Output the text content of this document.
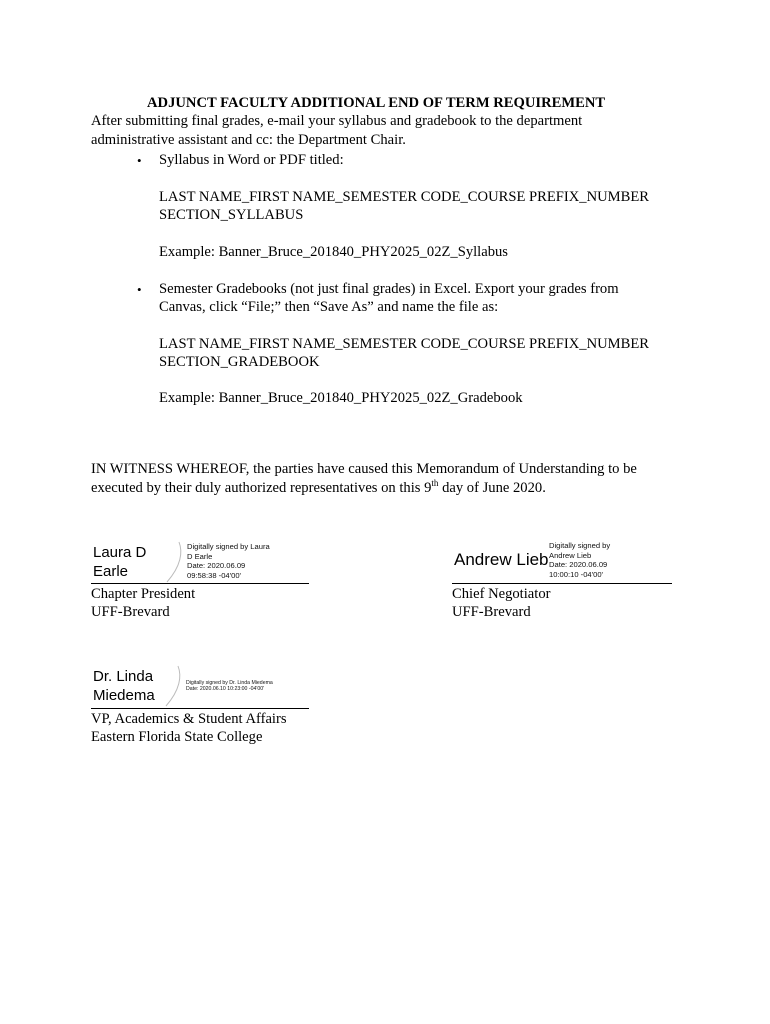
ADJUNCT FACULTY ADDITIONAL END OF TERM REQUIREMENT
After submitting final grades, e-mail your syllabus and gradebook to the department
administrative assistant and cc: the Department Chair.
• Syllabus in Word or PDF titled:
LAST NAME_FIRST NAME_SEMESTER CODE_COURSE PREFIX_NUMBER
SECTION_SYLLABUS
Example: Banner_Bruce_201840_PHY2025_02Z_Syllabus
• Semester Gradebooks (not just final grades) in Excel. Export your grades from
Canvas, click “File;” then “Save As” and name the file as:
LAST NAME_FIRST NAME_SEMESTER CODE_COURSE PREFIX_NUMBER
SECTION_GRADEBOOK
Example: Banner_Bruce_201840_PHY2025_02Z_Gradebook
IN WITNESS WHEREOF, the parties have caused this Memorandum of Understanding to be
executed by their duly authorized representatives on this 9th day of June 2020.
Laura D
Earle
Digitally signed by Laura
D Earle
Date: 2020.06.09
09:58:38 -04'00'
Chapter President
UFF-Brevard
Andrew Lieb
Digitally signed by
Andrew Lieb
Date: 2020.06.09
10:00:10 -04'00'
Chief Negotiator
UFF-Brevard
Dr. Linda
Miedema
Digitally signed by Dr. Linda Miedema
Date: 2020.06.10 10:23:00 -04'00'
VP, Academics & Student Affairs
Eastern Florida State College
